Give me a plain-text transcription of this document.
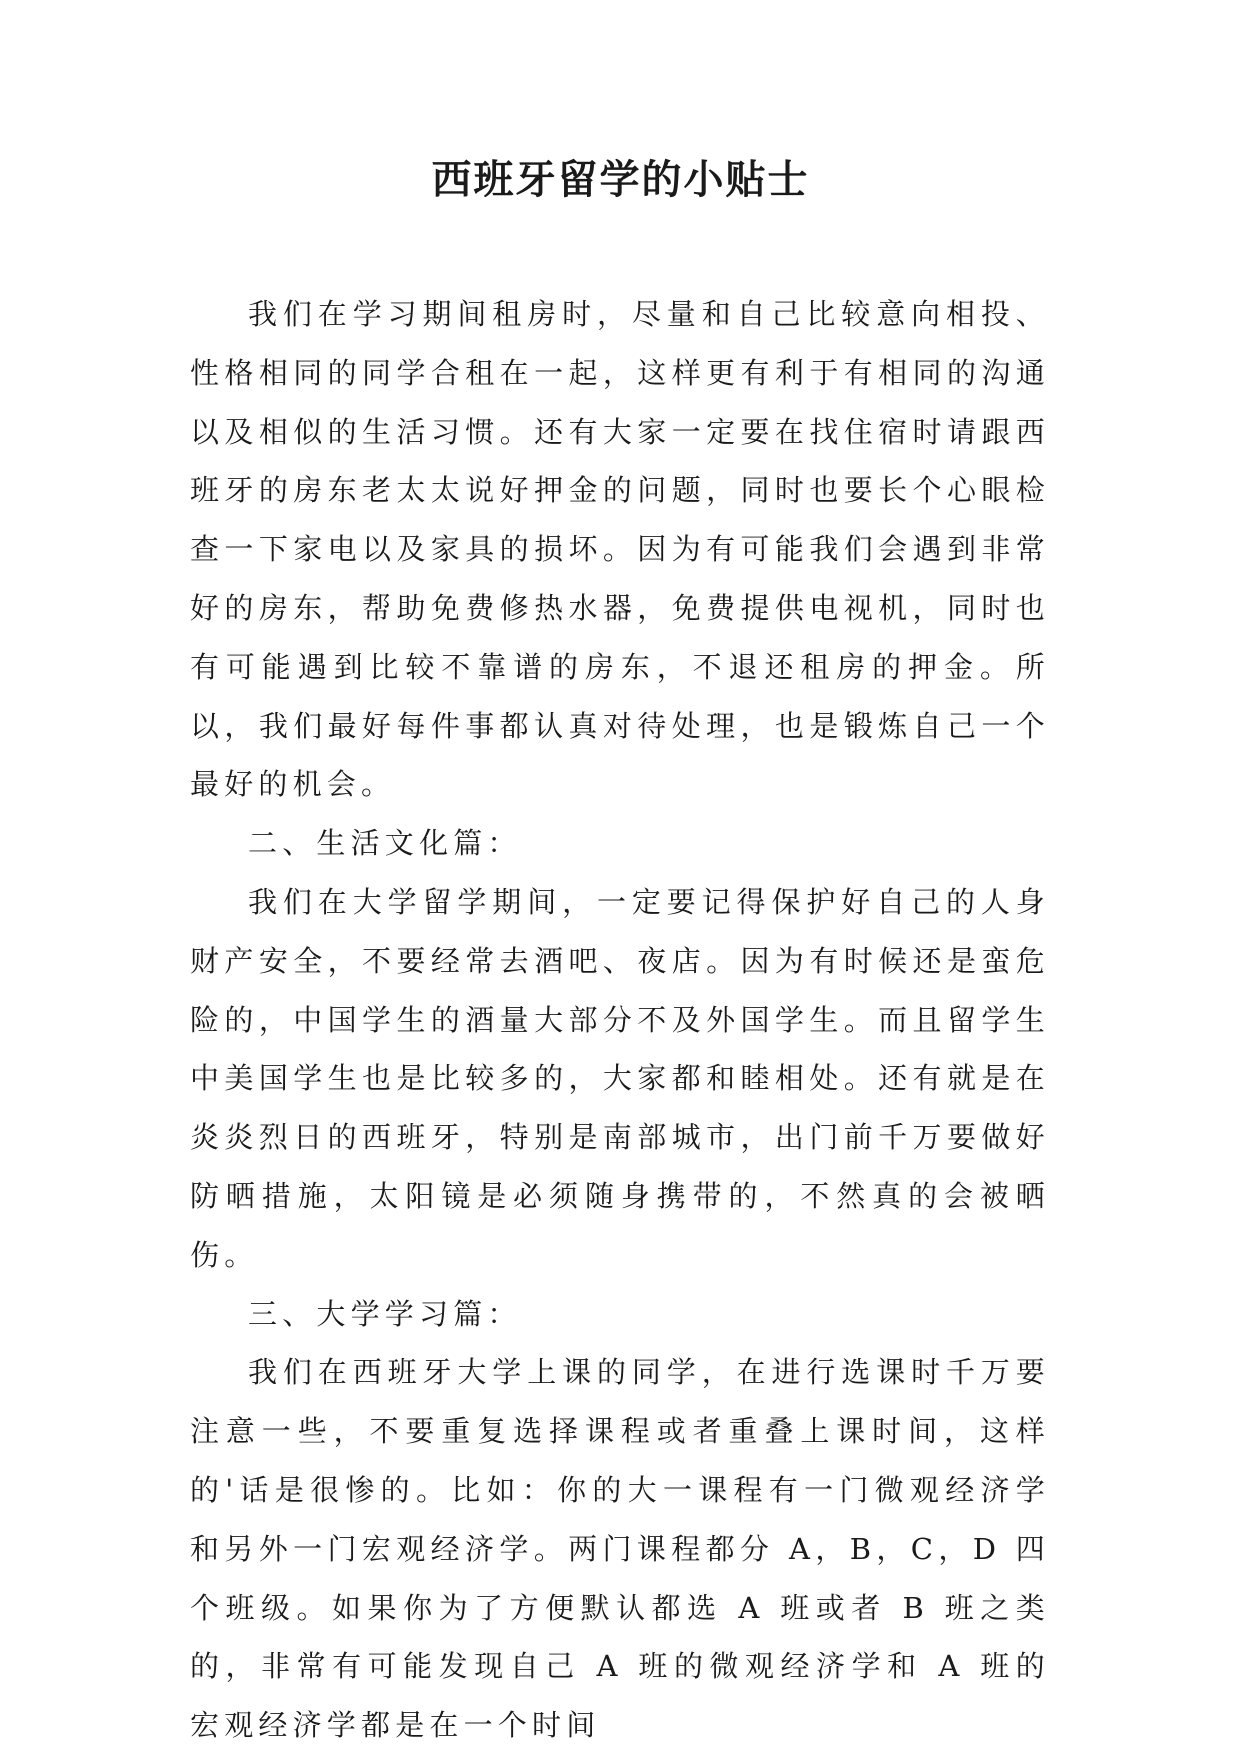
西班牙留学的小贴士

我们在学习期间租房时，尽量和自己比较意向相投、性格相同的同学合租在一起，这样更有利于有相同的沟通以及相似的生活习惯。还有大家一定要在找住宿时请跟西班牙的房东老太太说好押金的问题，同时也要长个心眼检查一下家电以及家具的损坏。因为有可能我们会遇到非常好的房东，帮助免费修热水器，免费提供电视机，同时也有可能遇到比较不靠谱的房东，不退还租房的押金。所以，我们最好每件事都认真对待处理，也是锻炼自己一个最好的机会。

二、生活文化篇：

我们在大学留学期间，一定要记得保护好自己的人身财产安全，不要经常去酒吧、夜店。因为有时候还是蛮危险的，中国学生的酒量大部分不及外国学生。而且留学生中美国学生也是比较多的，大家都和睦相处。还有就是在炎炎烈日的西班牙，特别是南部城市，出门前千万要做好防晒措施，太阳镜是必须随身携带的，不然真的会被晒伤。

三、大学学习篇：

我们在西班牙大学上课的同学，在进行选课时千万要注意一些，不要重复选择课程或者重叠上课时间，这样的'话是很惨的。比如：你的大一课程有一门微观经济学和另外一门宏观经济学。两门课程都分 A，B，C，D 四个班级。如果你为了方便默认都选 A 班或者 B 班之类的，非常有可能发现自己 A 班的微观经济学和 A 班的宏观经济学都是在一个时间
